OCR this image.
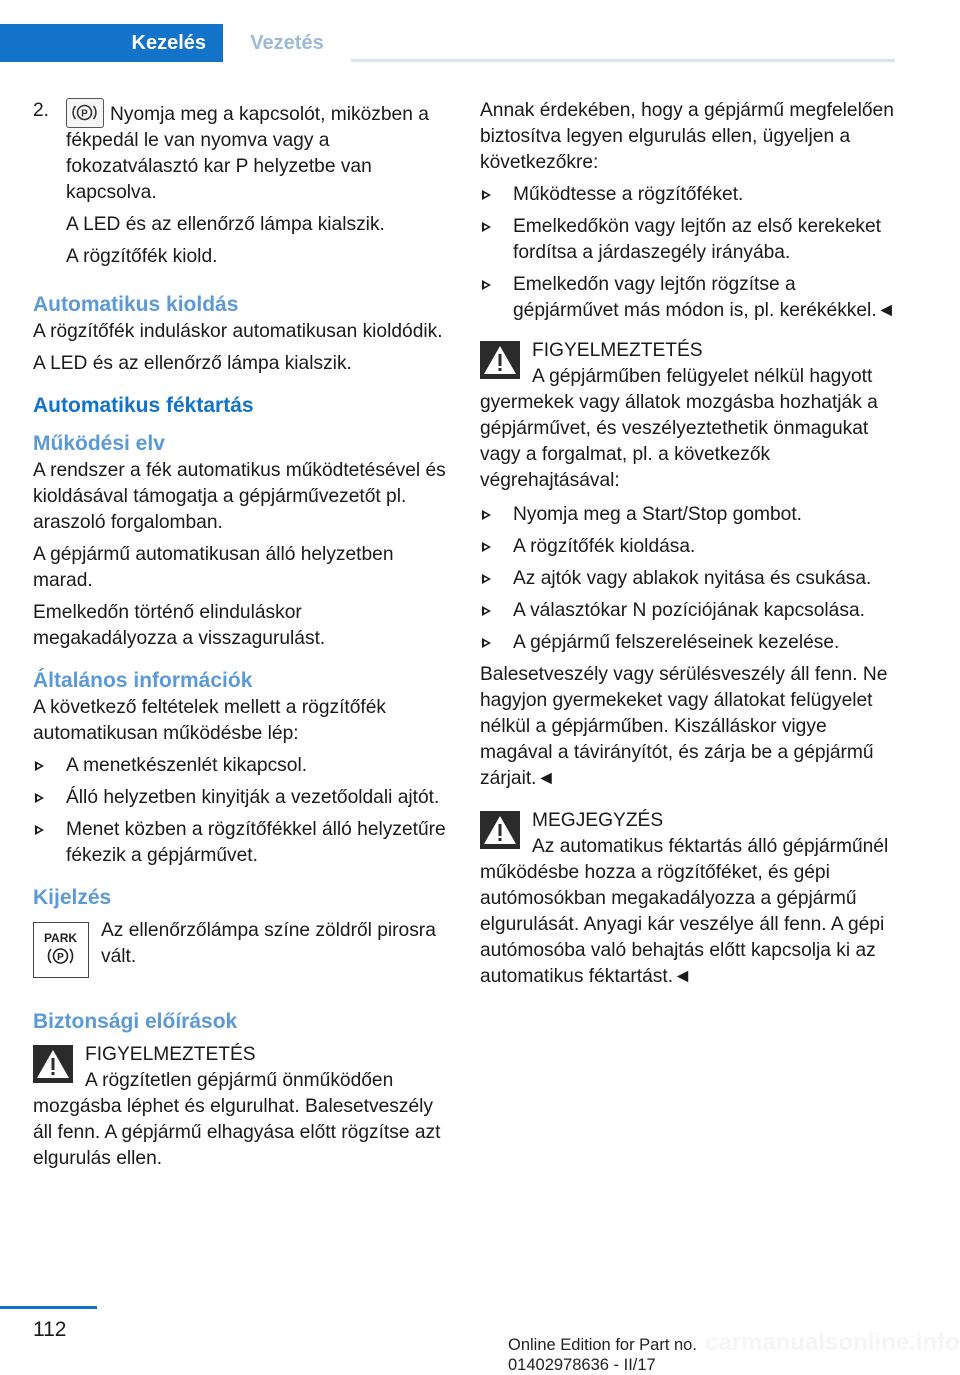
Kezelés	Vezetés
2.	P Nyomja meg a kapcsolót, miközben a fékpedál le van nyomva vagy a fokozatválasztó kar P helyzetbe van kapcsolva.

A LED és az ellenőrző lámpa kialszik.

A rögzítőfék kiold.

Automatikus kioldás

A rögzítőfék induláskor automatikusan kioldódik.

A LED és az ellenőrző lámpa kialszik.

Automatikus féktartás
Működési elv

A rendszer a fék automatikus működtetésével és kioldásával támogatja a gépjárművezetőt pl. araszoló forgalomban.

A gépjármű automatikusan álló helyzetben marad.

Emelkedőn történő elinduláskor megakadályozza a visszagurulást.

Általános információk

A következő feltételek mellett a rögzítőfék automatikusan működésbe lép:

A menetkészenlét kikapcsol.
Álló helyzetben kinyitják a vezetőoldali ajtót.
Menet közben a rögzítőfékkel álló helyzetűre fékezik a gépjárművet.
Kijelzés
PARK
P

Az ellenőrzőlámpa színe zöldről pirosra vált.

Biztonsági előírások
FIGYELMEZTETÉS
A rögzítetlen gépjármű önműködően mozgásba léphet és elgurulhat. Balesetveszély áll fenn. A gépjármű elhagyása előtt rögzítse azt elgurulás ellen.

Annak érdekében, hogy a gépjármű megfelelően biztosítva legyen elgurulás ellen, ügyeljen a következőkre:

Működtesse a rögzítőféket.
Emelkedőkön vagy lejtőn az első kerekeket fordítsa a járdaszegély irányába.
Emelkedőn vagy lejtőn rögzítse a gépjárművet más módon is, pl. kerékékkel.◄
FIGYELMEZTETÉS
A gépjárműben felügyelet nélkül hagyott gyermekek vagy állatok mozgásba hozhatják a gépjárművet, és veszélyeztethetik önmagukat vagy a forgalmat, pl. a következők végrehajtásával:
Nyomja meg a Start/Stop gombot.
A rögzítőfék kioldása.
Az ajtók vagy ablakok nyitása és csukása.
A választókar N pozíciójának kapcsolása.
A gépjármű felszereléseinek kezelése.

Balesetveszély vagy sérülésveszély áll fenn. Ne hagyjon gyermekeket vagy állatokat felügyelet nélkül a gépjárműben. Kiszálláskor vigye magával a távirányítót, és zárja be a gépjármű zárjait.◄

MEGJEGYZÉS
Az automatikus féktartás álló gépjárműnél működésbe hozza a rögzítőféket, és gépi autómosókban megakadályozza a gépjármű elgurulását. Anyagi kár veszélye áll fenn. A gépi autómosóba való behajtás előtt kapcsolja ki az automatikus féktartást.◄
112	carmanualsonline.info
Online Edition for Part no. 01402978636 - II/17
